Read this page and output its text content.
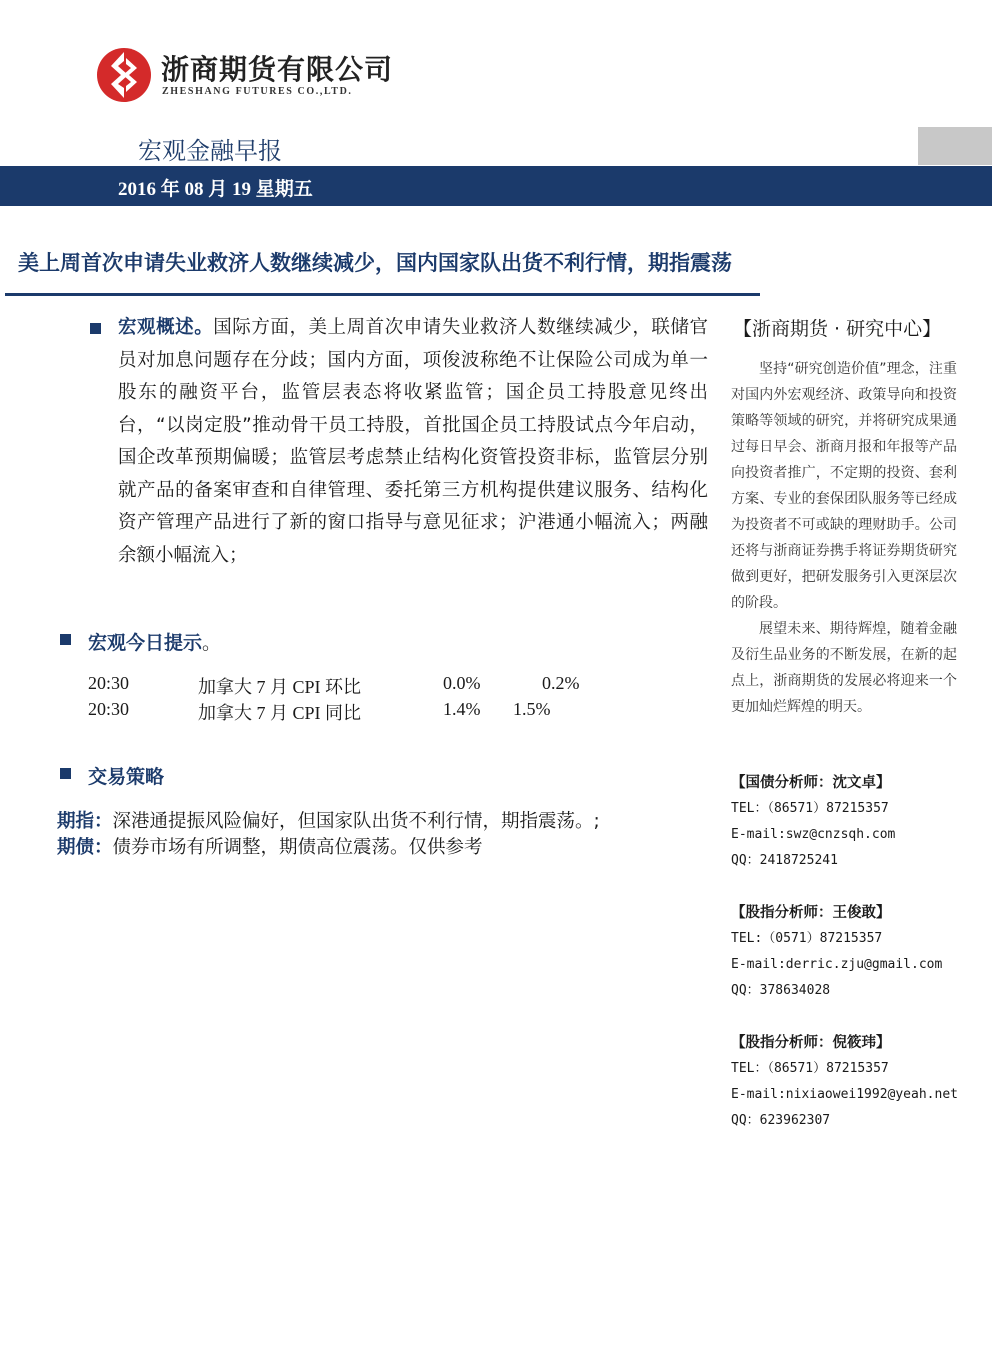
浙商期货有限公司
ZHESHANG FUTURES CO.,LTD.
宏观金融早报
2016 年 08 月 19 星期五
美上周首次申请失业救济人数继续减少，国内国家队出货不利行情，期指震荡
宏观概述。国际方面，美上周首次申请失业救济人数继续减少，联储官员对加息问题存在分歧；国内方面，项俊波称绝不让保险公司成为单一股东的融资平台，监管层表态将收紧监管；国企员工持股意见终出台，“以岗定股”推动骨干员工持股，首批国企员工持股试点今年启动，国企改革预期偏暖；监管层考虑禁止结构化资管投资非标，监管层分别就产品的备案审查和自律管理、委托第三方机构提供建议服务、结构化资产管理产品进行了新的窗口指导与意见征求；沪港通小幅流入；两融余额小幅流入；
宏观今日提示。
20:30	加拿大 7 月 CPI 环比	0.0%	0.2%
20:30	加拿大 7 月 CPI 同比	1.4% 1.5%
交易策略
期指：深港通提振风险偏好，但国家队出货不利行情，期指震荡。;
期债：债券市场有所调整，期债高位震荡。仅供参考
【浙商期货 · 研究中心】

坚持“研究创造价值”理念，注重对国内外宏观经济、政策导向和投资策略等领域的研究，并将研究成果通过每日早会、浙商月报和年报等产品向投资者推广，不定期的投资、套利方案、专业的套保团队服务等已经成为投资者不可或缺的理财助手。公司还将与浙商证券携手将证券期货研究做到更好，把研发服务引入更深层次的阶段。

展望未来、期待辉煌，随着金融及衍生品业务的不断发展，在新的起点上，浙商期货的发展必将迎来一个更加灿烂辉煌的明天。

【国债分析师：沈文卓】
TEL：（86571）87215357
E-mail:swz@cnzsqh.com
QQ：2418725241
【股指分析师：王俊敢】
TEL:（0571）87215357
E-mail:derric.zju@gmail.com
QQ：378634028
【股指分析师：倪筱玮】
TEL：（86571）87215357
E-mail:nixiaowei1992@yeah.net
QQ：623962307
